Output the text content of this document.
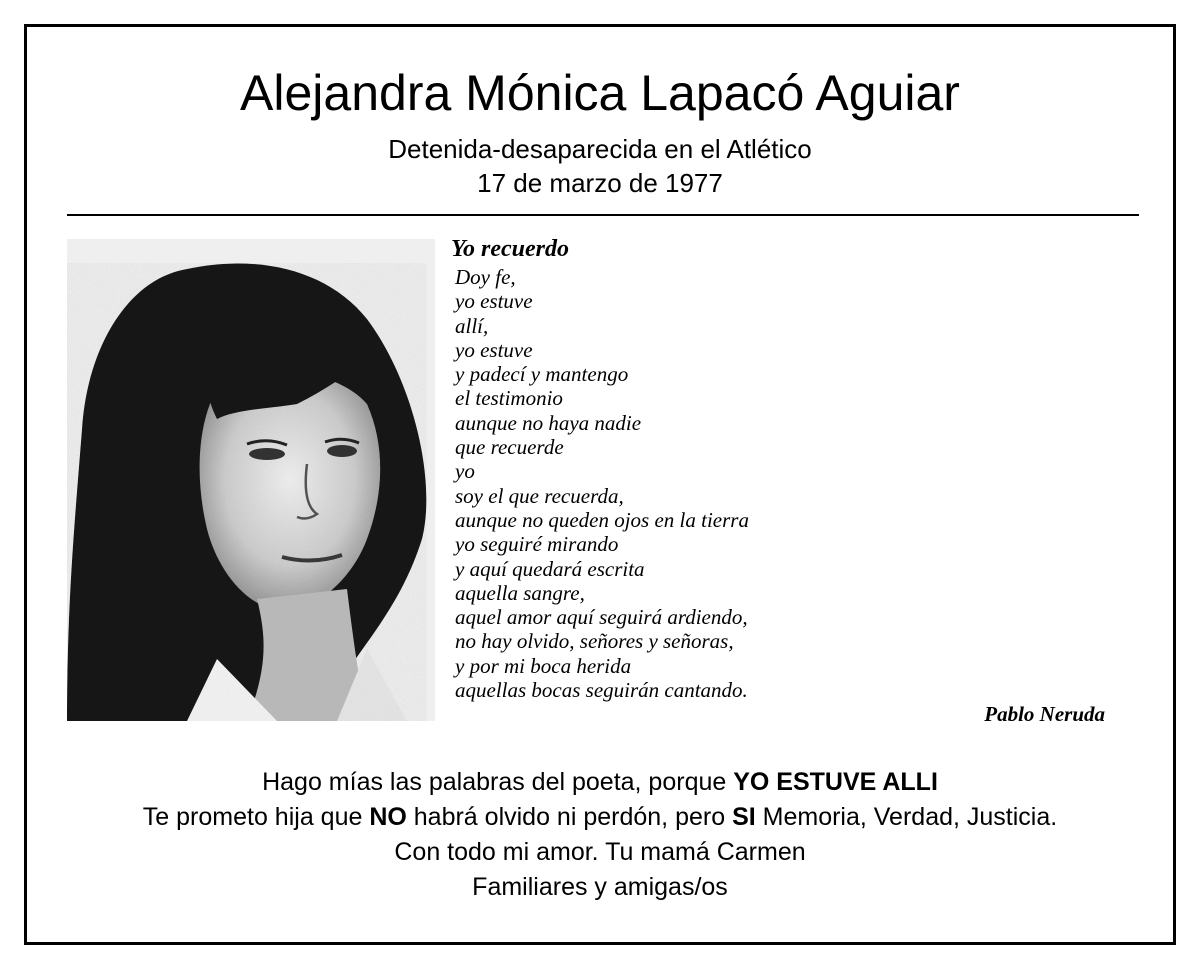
Alejandra Mónica Lapacó Aguiar
Detenida-desaparecida en el Atlético
17 de marzo de 1977
Yo recuerdo
Doy fe,
yo estuve
allí,
yo estuve
y padecí y mantengo
el testimonio
aunque no haya nadie
que recuerde
yo
soy el que recuerda,
aunque no queden ojos en la tierra
yo seguiré mirando
y aquí quedará escrita
aquella sangre,
aquel amor aquí seguirá ardiendo,
no hay olvido, señores y señoras,
y por mi boca herida
aquellas bocas seguirán cantando.
Pablo Neruda
Hago mías las palabras del poeta, porque YO ESTUVE ALLI
Te prometo hija que NO habrá olvido ni perdón, pero SI Memoria, Verdad, Justicia.
Con todo mi amor. Tu mamá Carmen
Familiares y amigas/os
